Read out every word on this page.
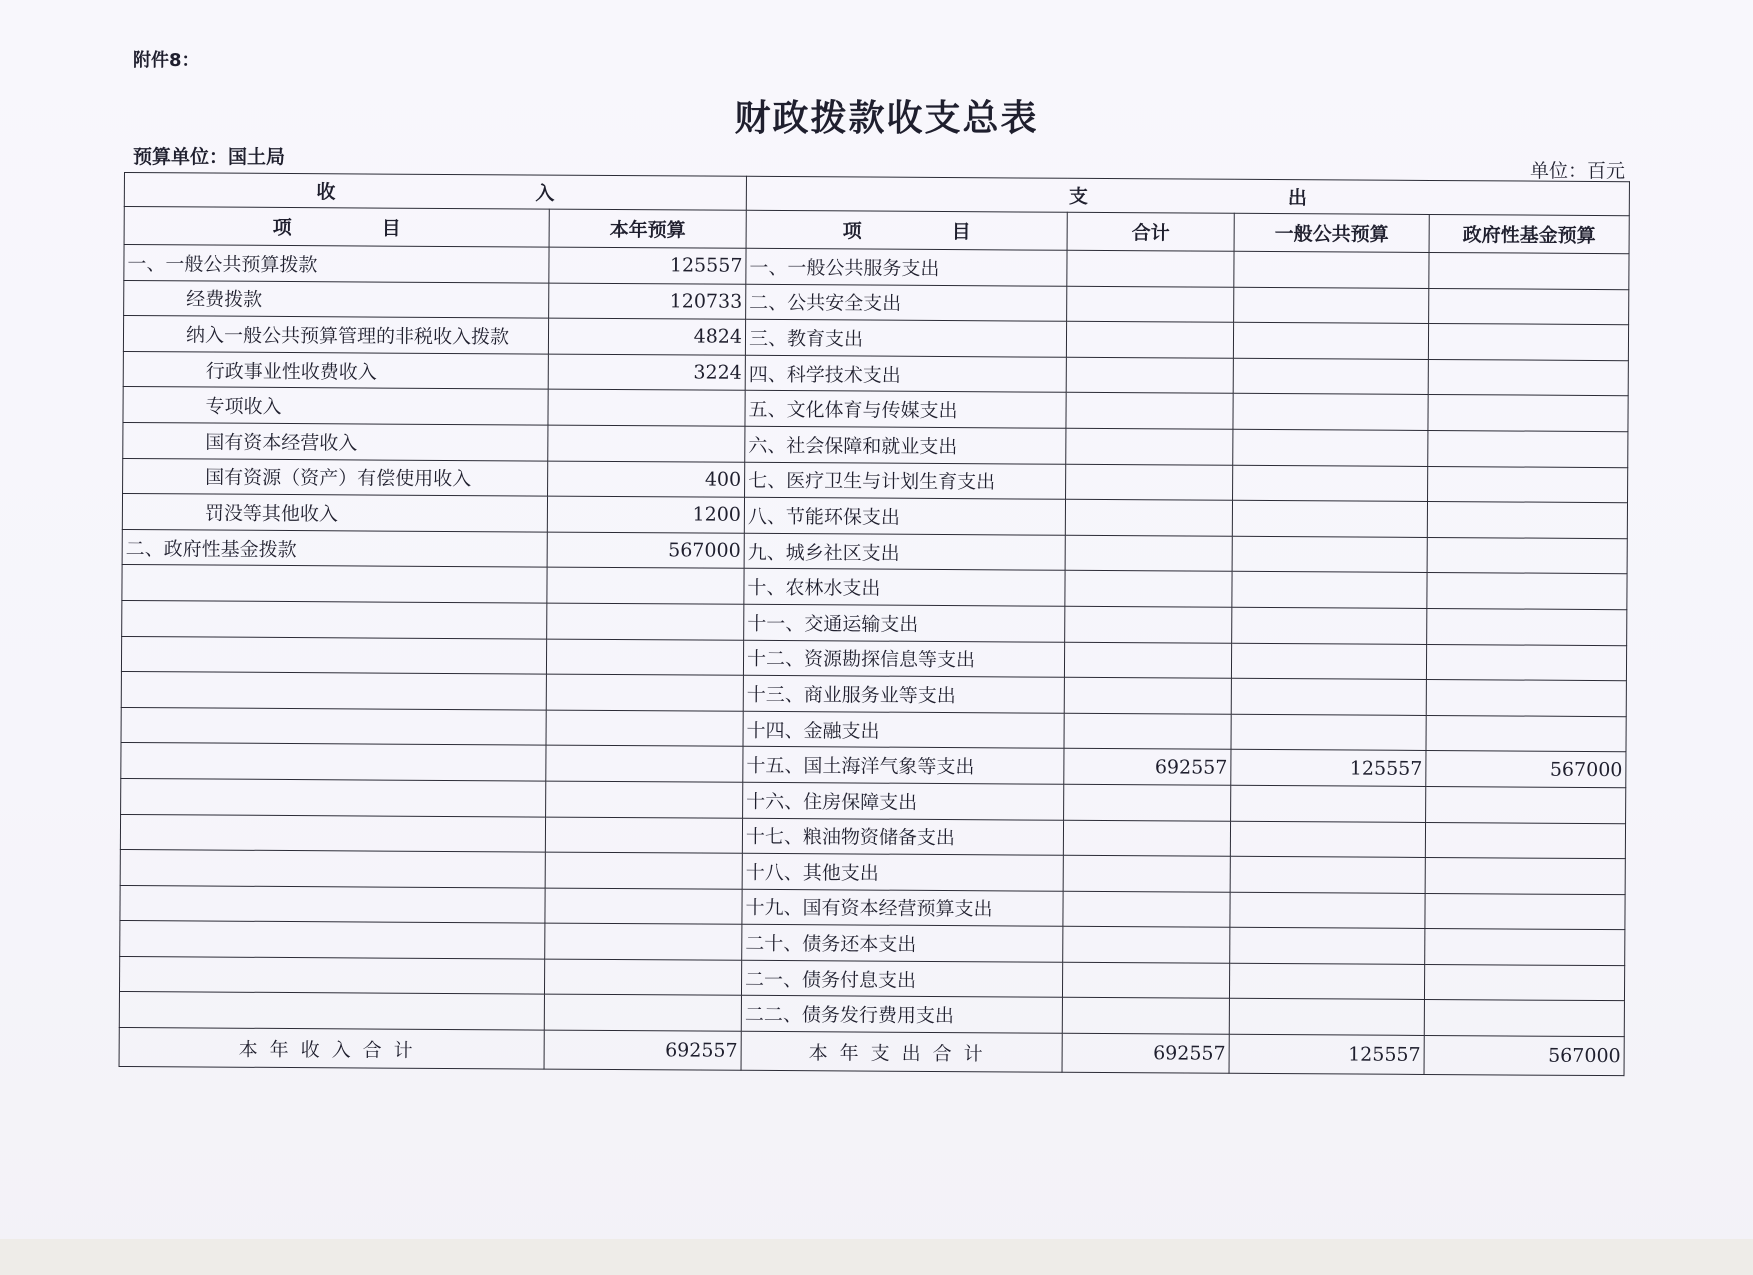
附件8：
财政拨款收支总表
预算单位：国土局
单位：百元
收 入		支 出			
项 目	本年预算	项 目	合计	一般公共预算	政府性基金预算
一、一般公共预算拨款	125557	一、一般公共服务支出			
经费拨款	120733	二、公共安全支出			
纳入一般公共预算管理的非税收入拨款	4824	三、教育支出			
行政事业性收费收入	3224	四、科学技术支出			
专项收入		五、文化体育与传媒支出			
国有资本经营收入		六、社会保障和就业支出			
国有资源（资产）有偿使用收入	400	七、医疗卫生与计划生育支出			
罚没等其他收入	1200	八、节能环保支出			
二、政府性基金拨款	567000	九、城乡社区支出			
		十、农林水支出			
		十一、交通运输支出			
		十二、资源勘探信息等支出			
		十三、商业服务业等支出			
		十四、金融支出			
		十五、国土海洋气象等支出	692557	125557	567000
		十六、住房保障支出			
		十七、粮油物资储备支出			
		十八、其他支出			
		十九、国有资本经营预算支出			
		二十、债务还本支出			
		二一、债务付息支出			
		二二、债务发行费用支出			
本年收入合计	692557	本年支出合计	692557	125557	567000
